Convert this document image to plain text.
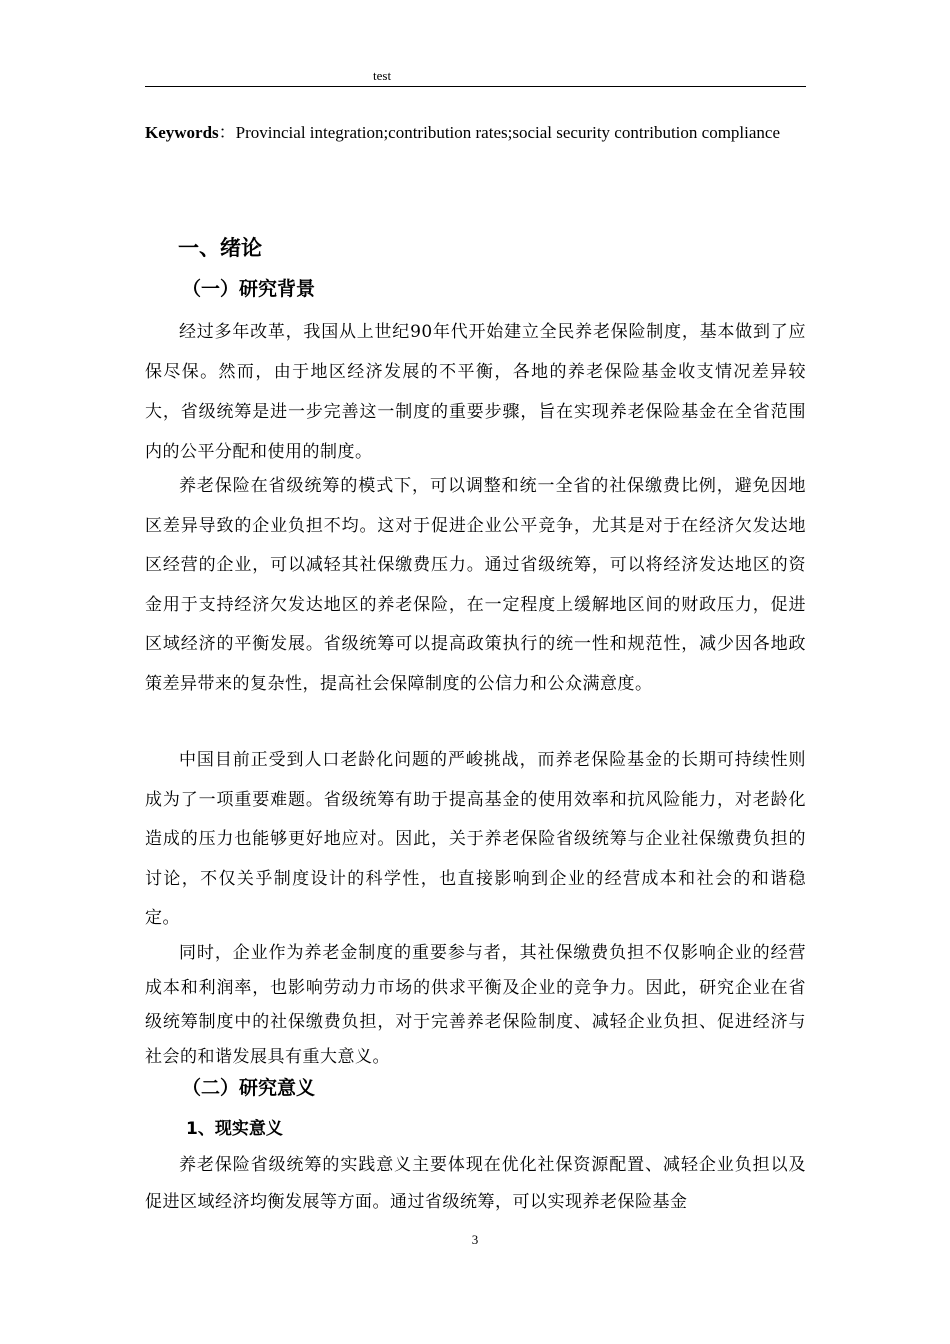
test
Keywords：Provincial integration;contribution rates;social security contribution compliance
一、绪论
（一）研究背景

经过多年改革，我国从上世纪90年代开始建立全民养老保险制度，基本做到了应保尽保。然而，由于地区经济发展的不平衡，各地的养老保险基金收支情况差异较大，省级统筹是进一步完善这一制度的重要步骤，旨在实现养老保险基金在全省范围内的公平分配和使用的制度。

养老保险在省级统筹的模式下，可以调整和统一全省的社保缴费比例，避免因地区差异导致的企业负担不均。这对于促进企业公平竞争，尤其是对于在经济欠发达地区经营的企业，可以减轻其社保缴费压力。通过省级统筹，可以将经济发达地区的资金用于支持经济欠发达地区的养老保险，在一定程度上缓解地区间的财政压力，促进区域经济的平衡发展。省级统筹可以提高政策执行的统一性和规范性，减少因各地政策差异带来的复杂性，提高社会保障制度的公信力和公众满意度。

中国目前正受到人口老龄化问题的严峻挑战，而养老保险基金的长期可持续性则成为了一项重要难题。省级统筹有助于提高基金的使用效率和抗风险能力，对老龄化造成的压力也能够更好地应对。因此，关于养老保险省级统筹与企业社保缴费负担的讨论，不仅关乎制度设计的科学性，也直接影响到企业的经营成本和社会的和谐稳定。

同时，企业作为养老金制度的重要参与者，其社保缴费负担不仅影响企业的经营成本和利润率，也影响劳动力市场的供求平衡及企业的竞争力。因此，研究企业在省级统筹制度中的社保缴费负担，对于完善养老保险制度、减轻企业负担、促进经济与社会的和谐发展具有重大意义。

（二）研究意义
1、现实意义

养老保险省级统筹的实践意义主要体现在优化社保资源配置、减轻企业负担以及促进区域经济均衡发展等方面。通过省级统筹，可以实现养老保险基金

3
